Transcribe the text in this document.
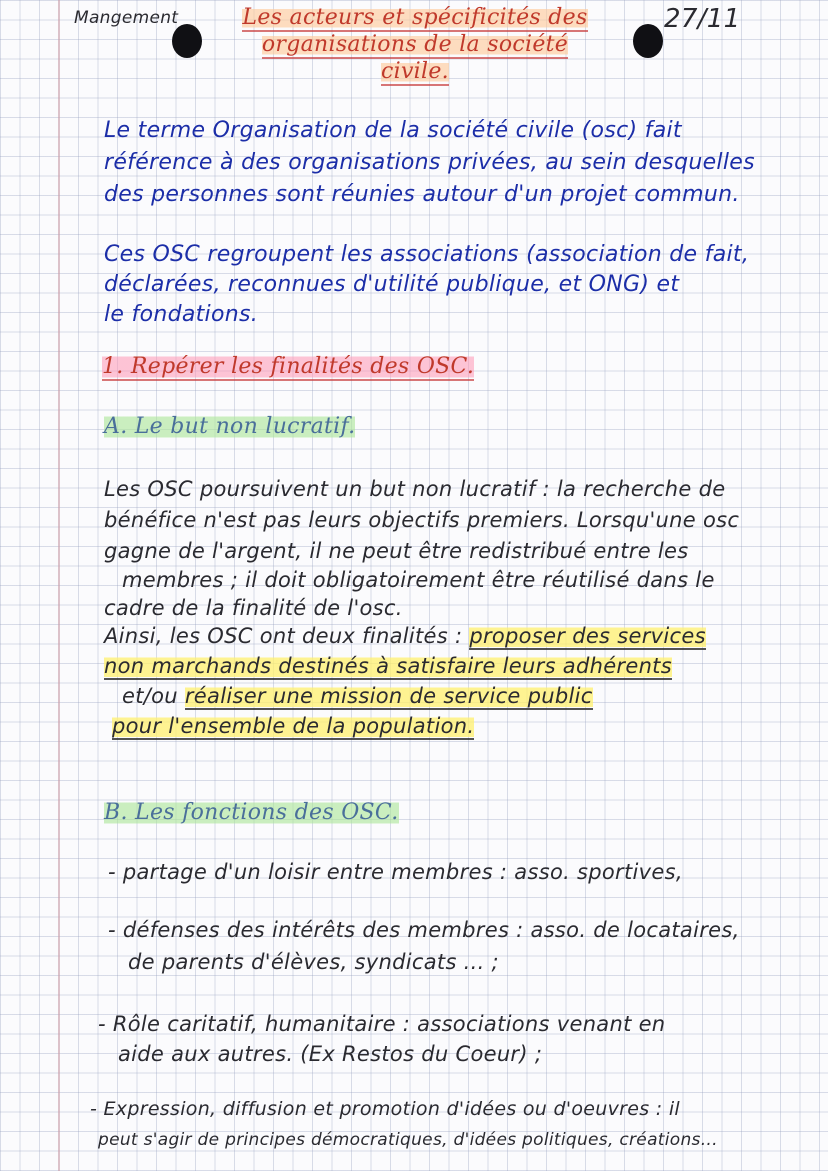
Mangement	27/11

Les acteurs et spécificités des

organisations de la société

civile.

Le terme Organisation de la société civile (osc) fait

référence à des organisations privées, au sein desquelles

des personnes sont réunies autour d'un projet commun.

Ces OSC regroupent les associations (association de fait,

déclarées, reconnues d'utilité publique, et ONG) et

le fondations.

1. Repérer les finalités des OSC.

A. Le but non lucratif.

Les OSC poursuivent un but non lucratif : la recherche de

bénéfice n'est pas leurs objectifs premiers. Lorsqu'une osc

gagne de l'argent, il ne peut être redistribué entre les

membres ; il doit obligatoirement être réutilisé dans le

cadre de la finalité de l'osc.

Ainsi, les OSC ont deux finalités : proposer des services

non marchands destinés à satisfaire leurs adhérents

et/ou réaliser une mission de service public

pour l'ensemble de la population.

B. Les fonctions des OSC.

- partage d'un loisir entre membres : asso. sportives,

- défenses des intérêts des membres : asso. de locataires,

de parents d'élèves, syndicats ... ;

- Rôle caritatif, humanitaire : associations venant en

aide aux autres. (Ex Restos du Coeur) ;

- Expression, diffusion et promotion d'idées ou d'oeuvres : il

peut s'agir de principes démocratiques, d'idées politiques, créations...
